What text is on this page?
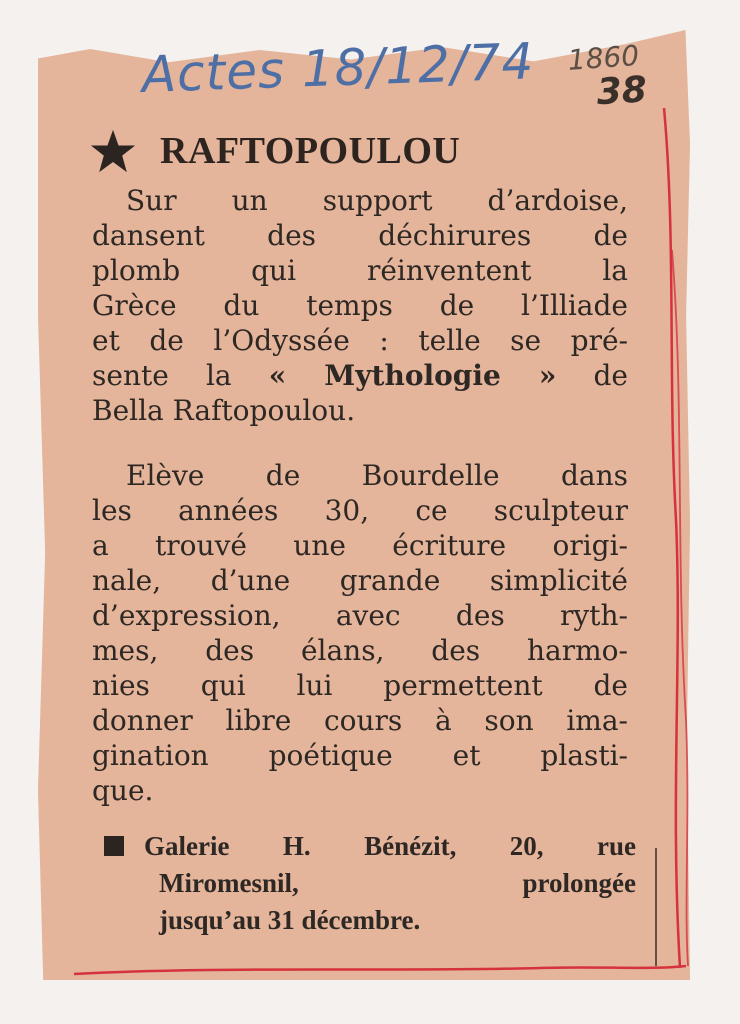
Actes 18/12/74	1860
38
RAFTOPOULOU

Sur un support d’ardoise,
dansent des déchirures de
plomb qui réinventent la
Grèce du temps de l’Illiade
et de l’Odyssée : telle se pré-
sente la « Mythologie » de
Bella Raftopoulou.

Elève de Bourdelle dans
les années 30, ce sculpteur
a trouvé une écriture origi-
nale, d’une grande simplicité
d’expression, avec des ryth-
mes, des élans, des harmo-
nies qui lui permettent de
donner libre cours à son ima-
gination poétique et plasti-
que.

Galerie H. Bénézit, 20, rue
Miromesnil, prolongée
jusqu’au 31 décembre.
